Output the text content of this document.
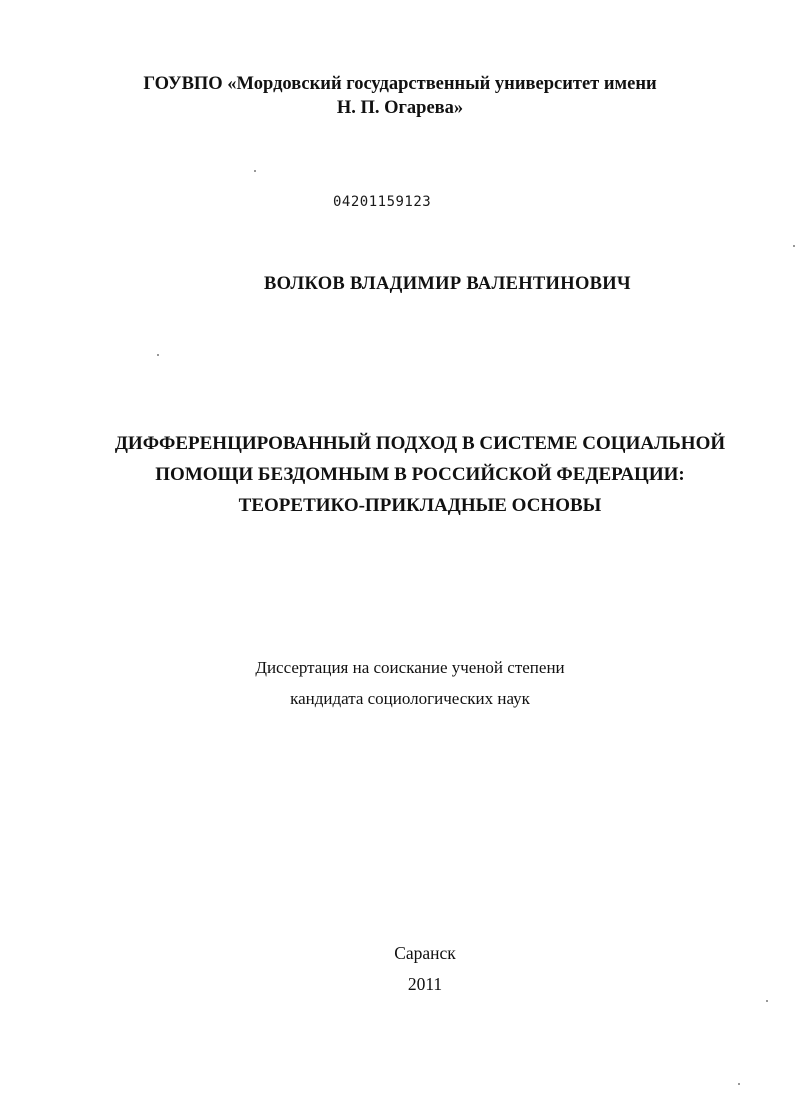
ГОУВПО «Мордовский государственный университет имени
Н. П. Огарева»
04201159123
ВОЛКОВ ВЛАДИМИР ВАЛЕНТИНОВИЧ
ДИФФЕРЕНЦИРОВАННЫЙ ПОДХОД В СИСТЕМЕ СОЦИАЛЬНОЙ
ПОМОЩИ БЕЗДОМНЫМ В РОССИЙСКОЙ ФЕДЕРАЦИИ:
ТЕОРЕТИКО-ПРИКЛАДНЫЕ ОСНОВЫ
Диссертация на соискание ученой степени
кандидата социологических наук
Саранск
2011
